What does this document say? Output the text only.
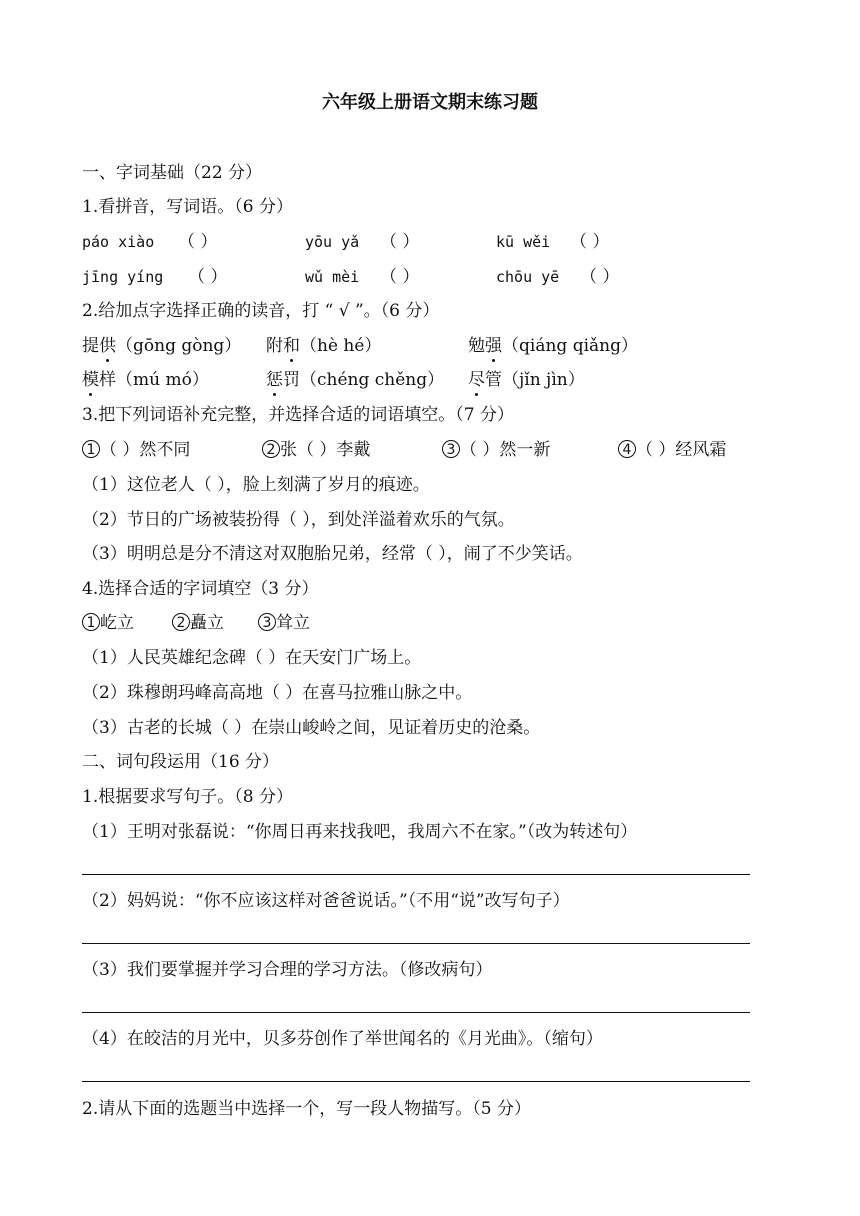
六年级上册语文期末练习题
一、字词基础（22 分）
1.看拼音，写词语。（6 分）
páo xiào （ ）	yōu yǎ （ ）	kū wěi （ ）
jīng yíng （ ）	wǔ mèi （ ）	chōu yē （ ）
2.给加点字选择正确的读音，打 “ √ ”。（6 分）
提供（gōng gòng） 附和（hè hé）	勉强（qiáng qiǎng）
模样（mú mó）	惩罚（chéng chěng） 尽管（jǐn jìn）
3.把下列词语补充完整，并选择合适的词语填空。（7 分）
1 （ ）然不同	2 张（ ）李戴	3 （ ）然一新	4 （ ）经风霜
（1）这位老人（ ），脸上刻满了岁月的痕迹。
（2）节日的广场被装扮得（ ），到处洋溢着欢乐的气氛。
（3）明明总是分不清这对双胞胎兄弟，经常（ ），闹了不少笑话。
4.选择合适的字词填空（3 分）
1 屹立	2 矗立	3 耸立
（1）人民英雄纪念碑（ ）在天安门广场上。
（2）珠穆朗玛峰高高地（ ）在喜马拉雅山脉之中。
（3）古老的长城（ ）在崇山峻岭之间，见证着历史的沧桑。
二、词句段运用（16 分）
1.根据要求写句子。（8 分）
（1）王明对张磊说：“你周日再来找我吧，我周六不在家。”（改为转述句）
（2）妈妈说：“你不应该这样对爸爸说话。”（不用“说”改写句子）
（3）我们要掌握并学习合理的学习方法。（修改病句）
（4）在皎洁的月光中，贝多芬创作了举世闻名的《月光曲》。（缩句）
2.请从下面的选题当中选择一个，写一段人物描写。（5 分）
